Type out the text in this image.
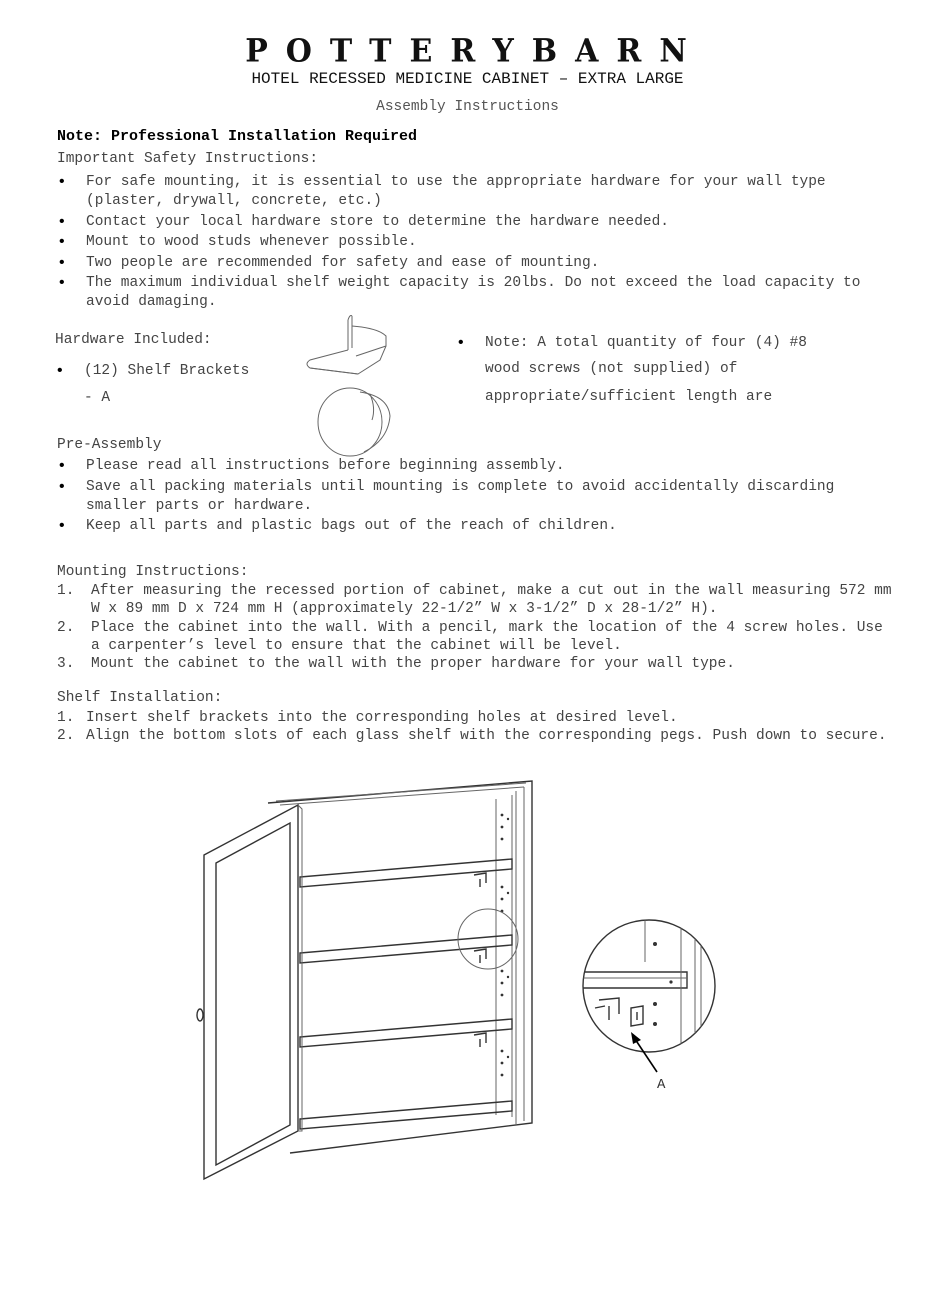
POTTERYBARN
HOTEL RECESSED MEDICINE CABINET – EXTRA LARGE
Assembly Instructions
Note: Professional Installation Required
Important Safety Instructions:
• For safe mounting, it is essential to use the appropriate hardware for your wall type (plaster, drywall, concrete, etc.)
• Contact your local hardware store to determine the hardware needed.
• Mount to wood studs whenever possible.
• Two people are recommended for safety and ease of mounting.
• The maximum individual shelf weight capacity is 20lbs. Do not exceed the load capacity to avoid damaging.
Hardware Included:
• (12) Shelf Brackets
- A
• Note: A total quantity of four (4) #8
wood screws (not supplied) of
appropriate/sufficient length are
Pre-Assembly
• Please read all instructions before beginning assembly.
• Save all packing materials until mounting is complete to avoid accidentally discarding smaller parts or hardware.
• Keep all parts and plastic bags out of the reach of children.
Mounting Instructions:
1. After measuring the recessed portion of cabinet, make a cut out in the wall measuring 572 mm W x 89 mm D x 724 mm H (approximately 22-1/2” W x 3-1/2” D x 28-1/2” H).
2. Place the cabinet into the wall. With a pencil, mark the location of the 4 screw holes. Use a carpenter’s level to ensure that the cabinet will be level.
3. Mount the cabinet to the wall with the proper hardware for your wall type.
Shelf Installation:
1. Insert shelf brackets into the corresponding holes at desired level.
2. Align the bottom slots of each glass shelf with the corresponding pegs. Push down to secure.
A
